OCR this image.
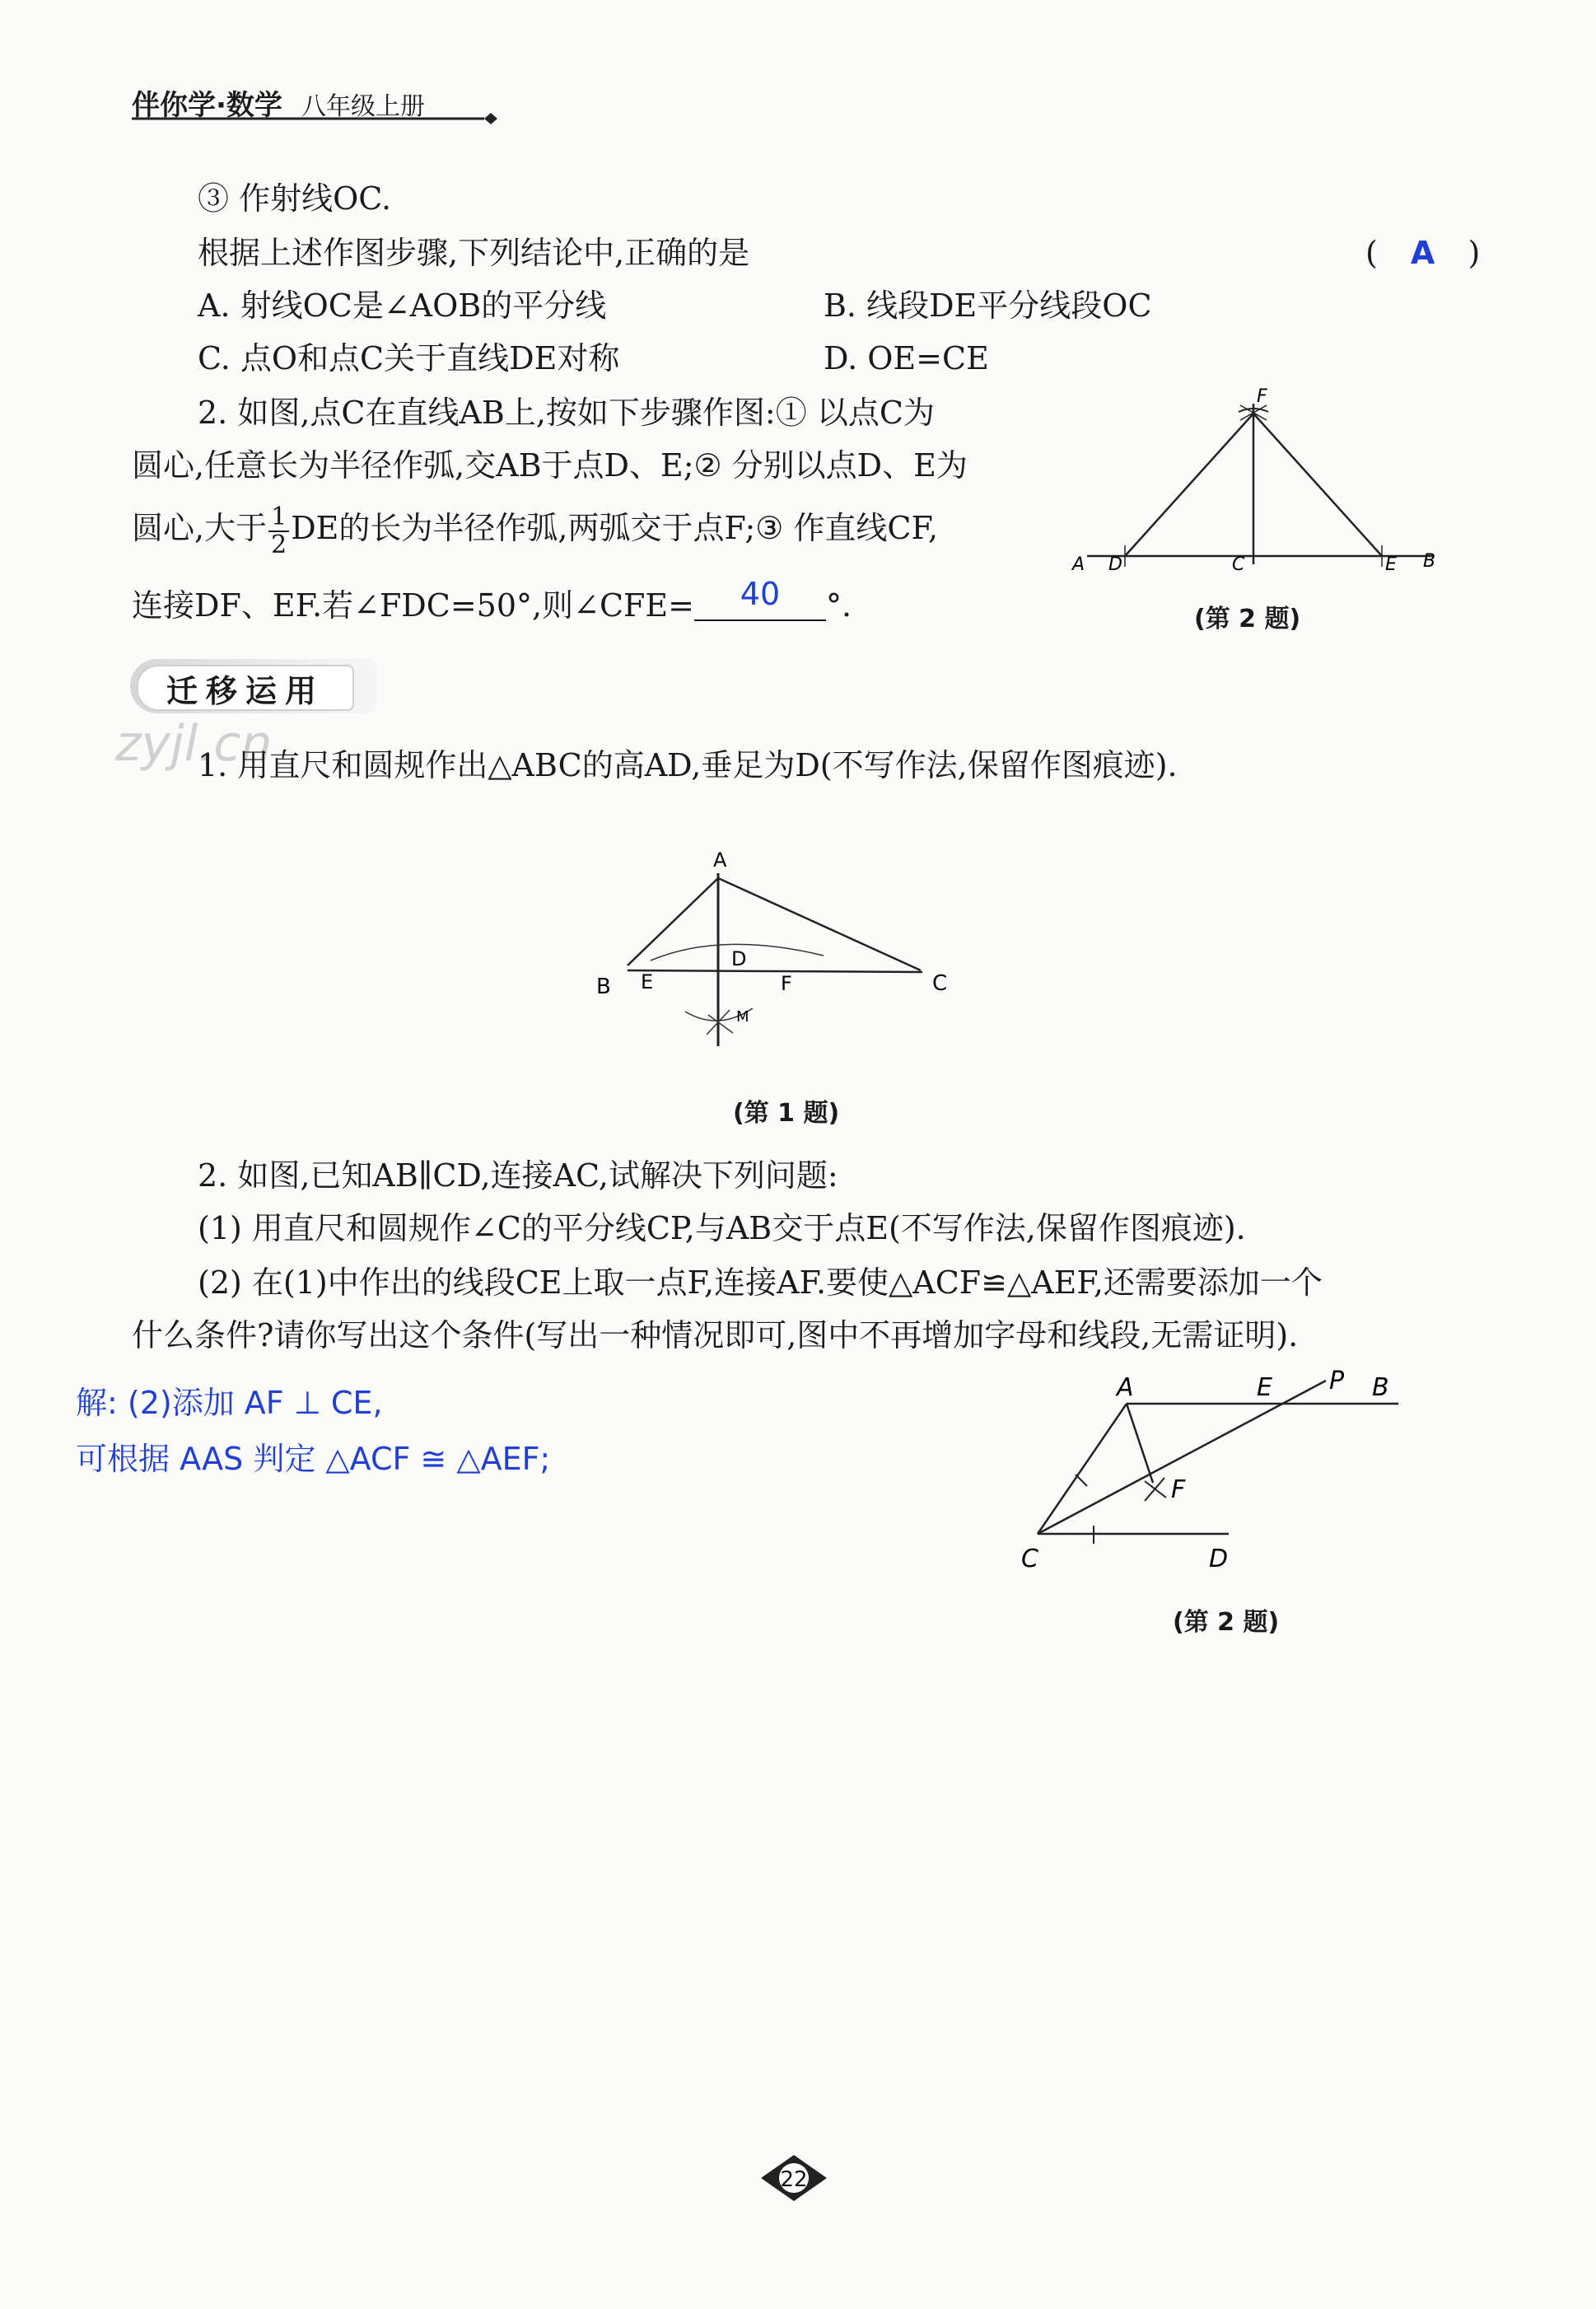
伴你学·数学 八年级上册
③ 作射线OC.
根据上述作图步骤,下列结论中,正确的是	( A )
A. 射线OC是∠AOB的平分线	B. 线段DE平分线段OC
C. 点O和点C关于直线DE对称	D. OE=CE
2. 如图,点C在直线AB上,按如下步骤作图:① 以点C为
圆心,任意长为半径作弧,交AB于点D、E;② 分别以点D、E为
圆心,大于 $\frac{1}{2}$ DE的长为半径作弧,两弧交于点F;③ 作直线CF,
连接DF、EF.若∠FDC=50°,则∠CFE=	40	°.
F
A D	C	E B
(第 2 题)
迁移运用
zyjl.cn
1. 用直尺和圆规作出△ABC的高AD,垂足为D(不写作法,保留作图痕迹).
A
B E
D
F	C
M
(第 1 题)
2. 如图,已知AB∥CD,连接AC,试解决下列问题:
(1) 用直尺和圆规作∠C的平分线CP,与AB交于点E(不写作法,保留作图痕迹).
(2) 在(1)中作出的线段CE上取一点F,连接AF.要使△ACF≌△AEF,还需要添加一个
什么条件?请你写出这个条件(写出一种情况即可,图中不再增加字母和线段,无需证明).
解: (2)添加 AF ⊥ CE,
可根据 AAS 判定 △ACF ≅ △AEF;
A	E P B
F
C	D
(第 2 题)
22
